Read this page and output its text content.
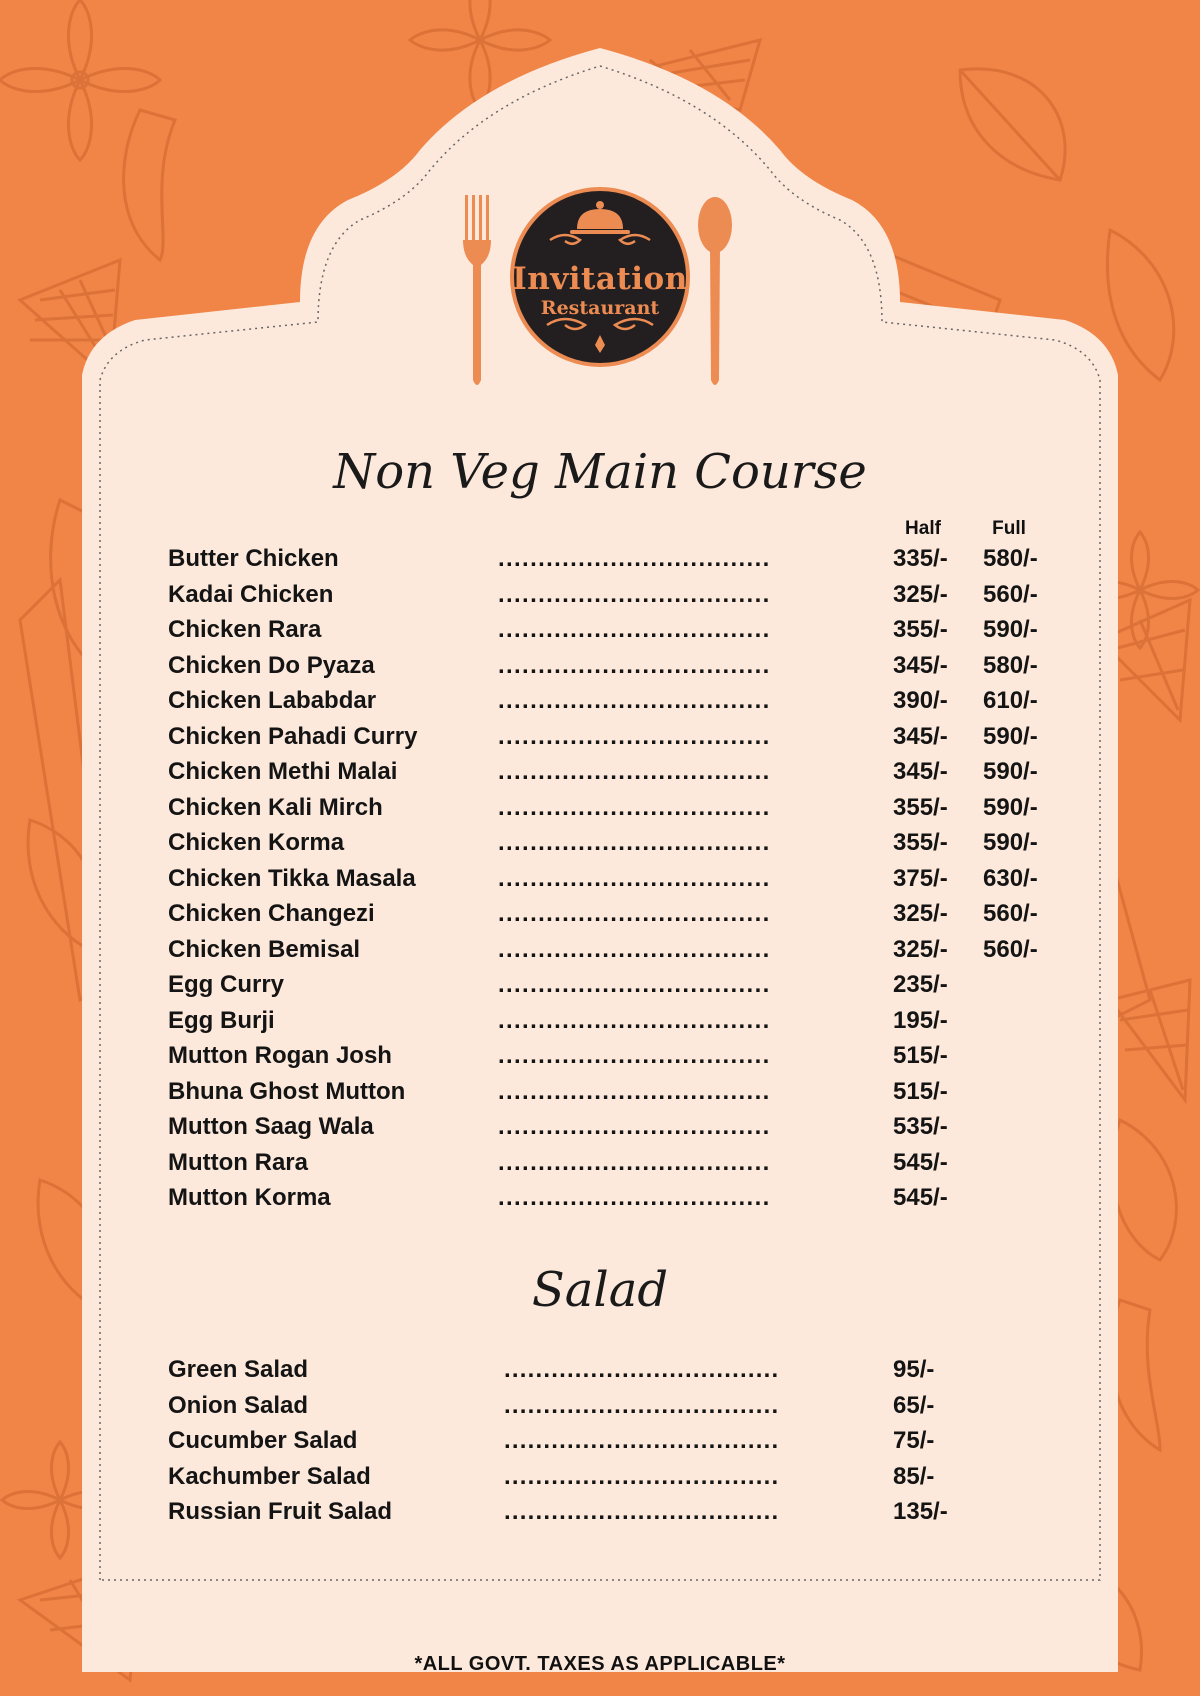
Invitation
Restaurant
Non Veg Main Course
Half	Full
Butter Chicken	..................................	335/- 580/-
Kadai Chicken	..................................	325/- 560/-
Chicken Rara	..................................	355/- 590/-
Chicken Do Pyaza	..................................	345/- 580/-
Chicken Lababdar	..................................	390/- 610/-
Chicken Pahadi Curry	..................................	345/- 590/-
Chicken Methi Malai	..................................	345/- 590/-
Chicken Kali Mirch	..................................	355/- 590/-
Chicken Korma	..................................	355/- 590/-
Chicken Tikka Masala	..................................	375/- 630/-
Chicken Changezi	..................................	325/- 560/-
Chicken Bemisal	..................................	325/- 560/-
Egg Curry	..................................	235/-
Egg Burji	..................................	195/-
Mutton Rogan Josh	..................................	515/-
Bhuna Ghost Mutton	..................................	515/-
Mutton Saag Wala	..................................	535/-
Mutton Rara	..................................	545/-
Mutton Korma	..................................	545/-
Salad
Green Salad	...................................	95/-
Onion Salad	...................................	65/-
Cucumber Salad	...................................	75/-
Kachumber Salad	...................................	85/-
Russian Fruit Salad	...................................	135/-
*ALL GOVT. TAXES AS APPLICABLE*
